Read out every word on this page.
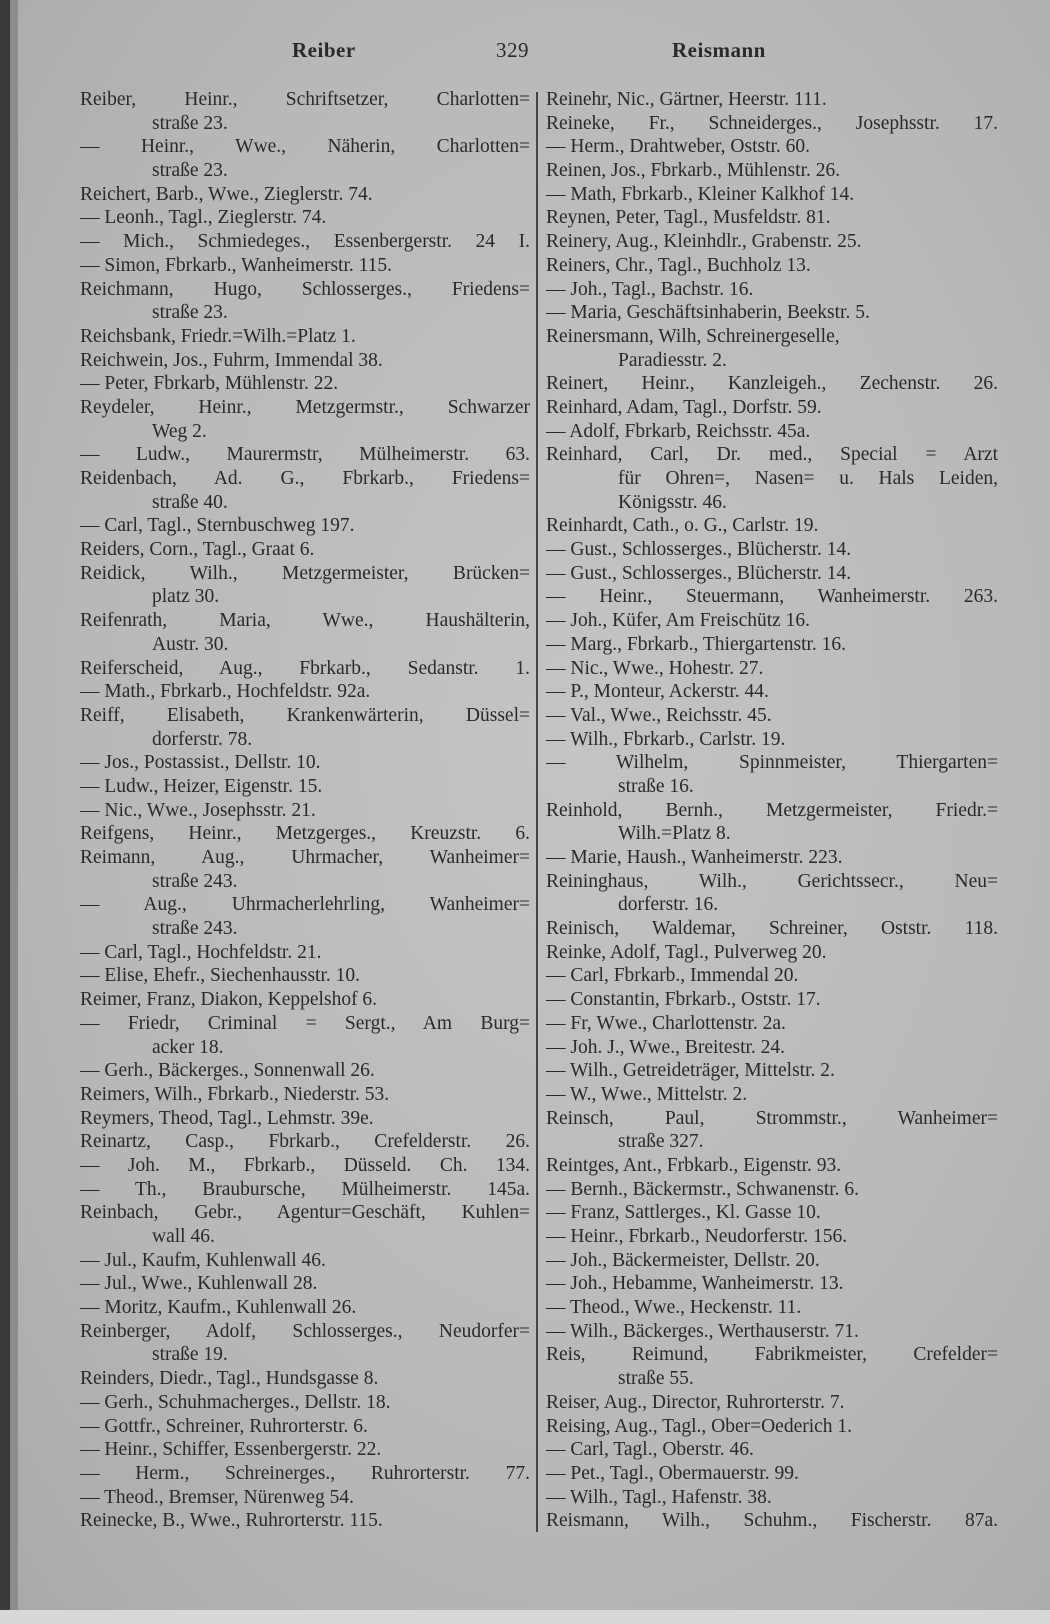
Reiber	329	Reismann
Reiber, Heinr., Schriftsetzer, Charlotten=
straße 23.
— Heinr., Wwe., Näherin, Charlotten=
straße 23.
Reichert, Barb., Wwe., Zieglerstr. 74.
— Leonh., Tagl., Zieglerstr. 74.
— Mich., Schmiedeges., Essenbergerstr. 24 I.
— Simon, Fbrkarb., Wanheimerstr. 115.
Reichmann, Hugo, Schlosserges., Friedens=
straße 23.
Reichsbank, Friedr.=Wilh.=Platz 1.
Reichwein, Jos., Fuhrm, Immendal 38.
— Peter, Fbrkarb, Mühlenstr. 22.
Reydeler, Heinr., Metzgermstr., Schwarzer
Weg 2.
— Ludw., Maurermstr, Mülheimerstr. 63.
Reidenbach, Ad. G., Fbrkarb., Friedens=
straße 40.
— Carl, Tagl., Sternbuschweg 197.
Reiders, Corn., Tagl., Graat 6.
Reidick, Wilh., Metzgermeister, Brücken=
platz 30.
Reifenrath, Maria, Wwe., Haushälterin,
Austr. 30.
Reiferscheid, Aug., Fbrkarb., Sedanstr. 1.
— Math., Fbrkarb., Hochfeldstr. 92a.
Reiff, Elisabeth, Krankenwärterin, Düssel=
dorferstr. 78.
— Jos., Postassist., Dellstr. 10.
— Ludw., Heizer, Eigenstr. 15.
— Nic., Wwe., Josephsstr. 21.
Reifgens, Heinr., Metzgerges., Kreuzstr. 6.
Reimann, Aug., Uhrmacher, Wanheimer=
straße 243.
— Aug., Uhrmacherlehrling, Wanheimer=
straße 243.
— Carl, Tagl., Hochfeldstr. 21.
— Elise, Ehefr., Siechenhausstr. 10.
Reimer, Franz, Diakon, Keppelshof 6.
— Friedr, Criminal = Sergt., Am Burg=
acker 18.
— Gerh., Bäckerges., Sonnenwall 26.
Reimers, Wilh., Fbrkarb., Niederstr. 53.
Reymers, Theod, Tagl., Lehmstr. 39e.
Reinartz, Casp., Fbrkarb., Crefelderstr. 26.
— Joh. M., Fbrkarb., Düsseld. Ch. 134.
— Th., Braubursche, Mülheimerstr. 145a.
Reinbach, Gebr., Agentur=Geschäft, Kuhlen=
wall 46.
— Jul., Kaufm, Kuhlenwall 46.
— Jul., Wwe., Kuhlenwall 28.
— Moritz, Kaufm., Kuhlenwall 26.
Reinberger, Adolf, Schlosserges., Neudorfer=
straße 19.
Reinders, Diedr., Tagl., Hundsgasse 8.
— Gerh., Schuhmacherges., Dellstr. 18.
— Gottfr., Schreiner, Ruhrorterstr. 6.
— Heinr., Schiffer, Essenbergerstr. 22.
— Herm., Schreinerges., Ruhrorterstr. 77.
— Theod., Bremser, Nürenweg 54.
Reinecke, B., Wwe., Ruhrorterstr. 115.
Reinehr, Nic., Gärtner, Heerstr. 111.
Reineke, Fr., Schneiderges., Josephsstr. 17.
— Herm., Drahtweber, Oststr. 60.
Reinen, Jos., Fbrkarb., Mühlenstr. 26.
— Math, Fbrkarb., Kleiner Kalkhof 14.
Reynen, Peter, Tagl., Musfeldstr. 81.
Reinery, Aug., Kleinhdlr., Grabenstr. 25.
Reiners, Chr., Tagl., Buchholz 13.
— Joh., Tagl., Bachstr. 16.
— Maria, Geschäftsinhaberin, Beekstr. 5.
Reinersmann, Wilh, Schreinergeselle,
Paradiesstr. 2.
Reinert, Heinr., Kanzleigeh., Zechenstr. 26.
Reinhard, Adam, Tagl., Dorfstr. 59.
— Adolf, Fbrkarb, Reichsstr. 45a.
Reinhard, Carl, Dr. med., Special = Arzt
für Ohren=, Nasen= u. Hals Leiden,
Königsstr. 46.
Reinhardt, Cath., o. G., Carlstr. 19.
— Gust., Schlosserges., Blücherstr. 14.
— Gust., Schlosserges., Blücherstr. 14.
— Heinr., Steuermann, Wanheimerstr. 263.
— Joh., Küfer, Am Freischütz 16.
— Marg., Fbrkarb., Thiergartenstr. 16.
— Nic., Wwe., Hohestr. 27.
— P., Monteur, Ackerstr. 44.
— Val., Wwe., Reichsstr. 45.
— Wilh., Fbrkarb., Carlstr. 19.
— Wilhelm, Spinnmeister, Thiergarten=
straße 16.
Reinhold, Bernh., Metzgermeister, Friedr.=
Wilh.=Platz 8.
— Marie, Haush., Wanheimerstr. 223.
Reininghaus, Wilh., Gerichtssecr., Neu=
dorferstr. 16.
Reinisch, Waldemar, Schreiner, Oststr. 118.
Reinke, Adolf, Tagl., Pulverweg 20.
— Carl, Fbrkarb., Immendal 20.
— Constantin, Fbrkarb., Oststr. 17.
— Fr, Wwe., Charlottenstr. 2a.
— Joh. J., Wwe., Breitestr. 24.
— Wilh., Getreideträger, Mittelstr. 2.
— W., Wwe., Mittelstr. 2.
Reinsch, Paul, Strommstr., Wanheimer=
straße 327.
Reintges, Ant., Frbkarb., Eigenstr. 93.
— Bernh., Bäckermstr., Schwanenstr. 6.
— Franz, Sattlerges., Kl. Gasse 10.
— Heinr., Fbrkarb., Neudorferstr. 156.
— Joh., Bäckermeister, Dellstr. 20.
— Joh., Hebamme, Wanheimerstr. 13.
— Theod., Wwe., Heckenstr. 11.
— Wilh., Bäckerges., Werthauserstr. 71.
Reis, Reimund, Fabrikmeister, Crefelder=
straße 55.
Reiser, Aug., Director, Ruhrorterstr. 7.
Reising, Aug., Tagl., Ober=Oederich 1.
— Carl, Tagl., Oberstr. 46.
— Pet., Tagl., Obermauerstr. 99.
— Wilh., Tagl., Hafenstr. 38.
Reismann, Wilh., Schuhm., Fischerstr. 87a.
